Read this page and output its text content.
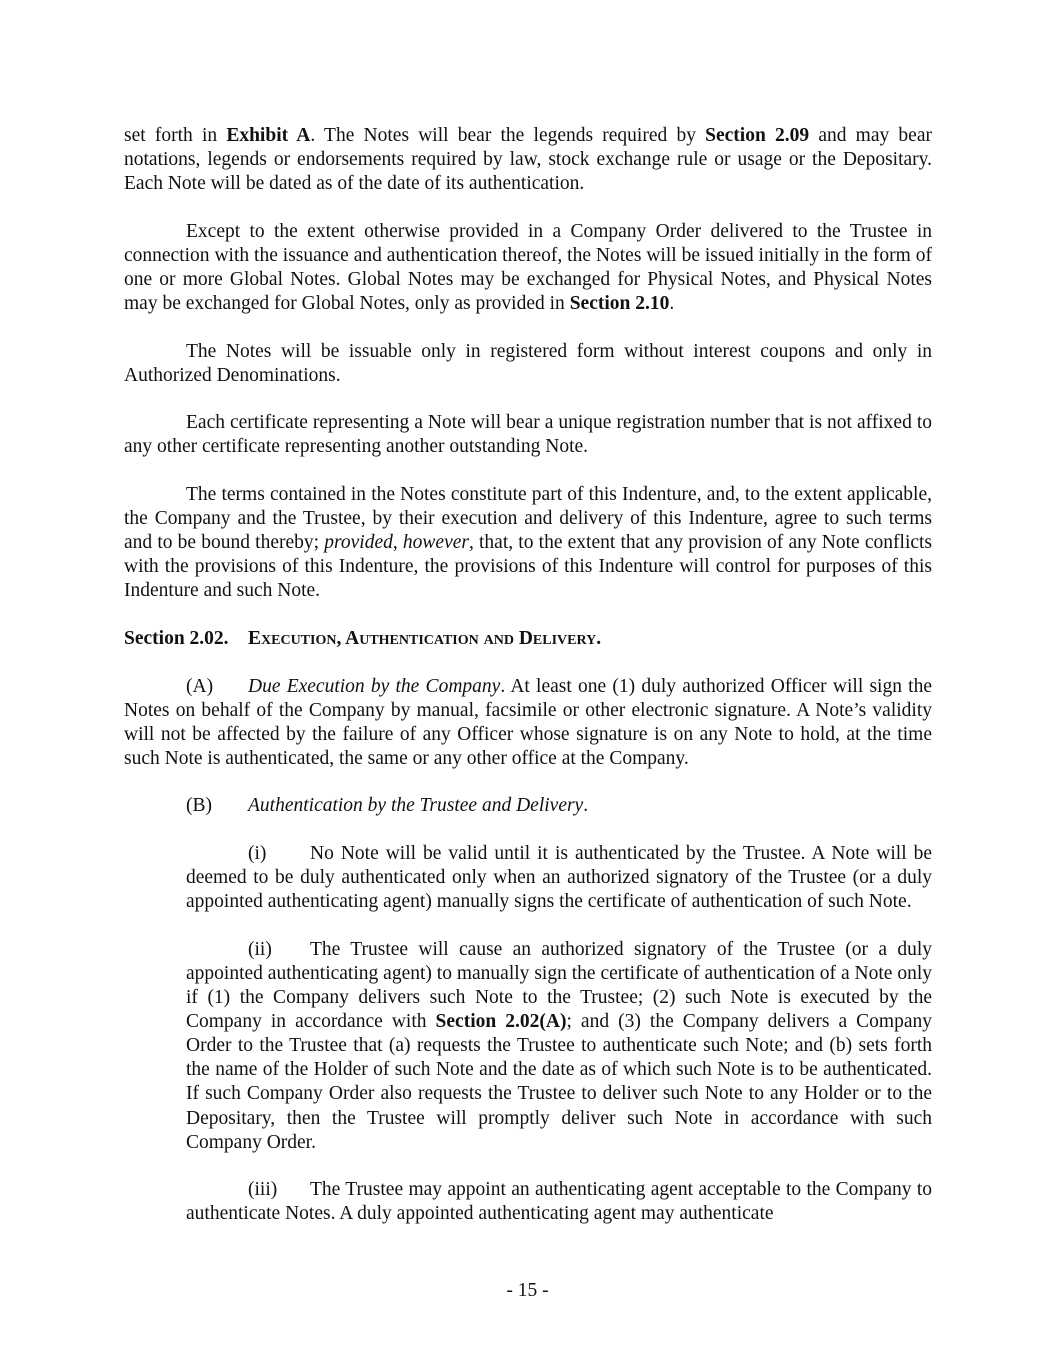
set forth in Exhibit A. The Notes will bear the legends required by Section 2.09 and may bear notations, legends or endorsements required by law, stock exchange rule or usage or the Depositary. Each Note will be dated as of the date of its authentication.

Except to the extent otherwise provided in a Company Order delivered to the Trustee in connection with the issuance and authentication thereof, the Notes will be issued initially in the form of one or more Global Notes. Global Notes may be exchanged for Physical Notes, and Physical Notes may be exchanged for Global Notes, only as provided in Section 2.10.

The Notes will be issuable only in registered form without interest coupons and only in Authorized Denominations.

Each certificate representing a Note will bear a unique registration number that is not affixed to any other certificate representing another outstanding Note.

The terms contained in the Notes constitute part of this Indenture, and, to the extent applicable, the Company and the Trustee, by their execution and delivery of this Indenture, agree to such terms and to be bound thereby; provided, however, that, to the extent that any provision of any Note conflicts with the provisions of this Indenture, the provisions of this Indenture will control for purposes of this Indenture and such Note.

Section 2.02. Execution, Authentication and Delivery.

(A) Due Execution by the Company. At least one (1) duly authorized Officer will sign the Notes on behalf of the Company by manual, facsimile or other electronic signature. A Note’s validity will not be affected by the failure of any Officer whose signature is on any Note to hold, at the time such Note is authenticated, the same or any other office at the Company.

(B) Authentication by the Trustee and Delivery.

(i) No Note will be valid until it is authenticated by the Trustee. A Note will be deemed to be duly authenticated only when an authorized signatory of the Trustee (or a duly appointed authenticating agent) manually signs the certificate of authentication of such Note.

(ii) The Trustee will cause an authorized signatory of the Trustee (or a duly appointed authenticating agent) to manually sign the certificate of authentication of a Note only if (1) the Company delivers such Note to the Trustee; (2) such Note is executed by the Company in accordance with Section 2.02(A); and (3) the Company delivers a Company Order to the Trustee that (a) requests the Trustee to authenticate such Note; and (b) sets forth the name of the Holder of such Note and the date as of which such Note is to be authenticated. If such Company Order also requests the Trustee to deliver such Note to any Holder or to the Depositary, then the Trustee will promptly deliver such Note in accordance with such Company Order.

(iii) The Trustee may appoint an authenticating agent acceptable to the Company to authenticate Notes. A duly appointed authenticating agent may authenticate

- 15 -
